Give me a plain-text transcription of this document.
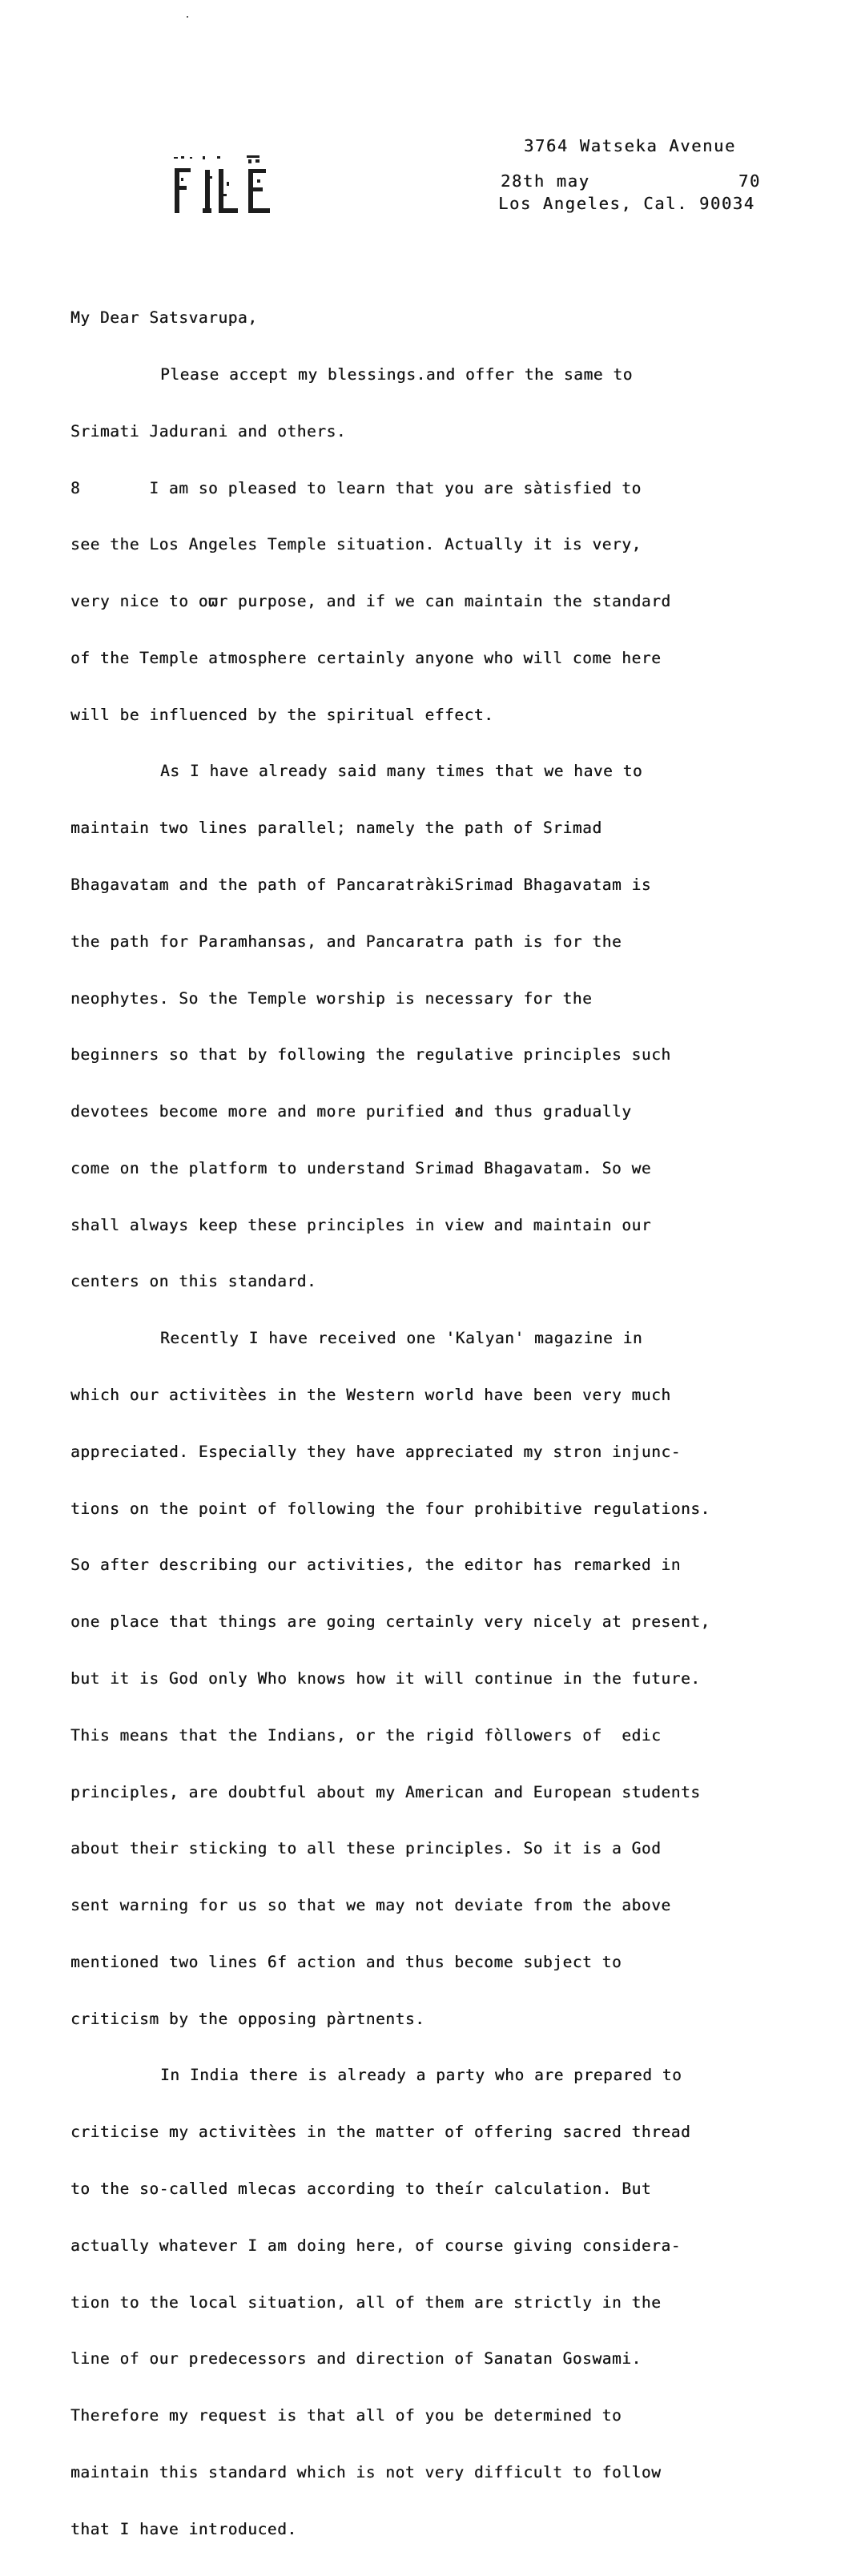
3764 Watseka Avenue

Los Angeles, Cal. 90034

28th may	70

My Dear Satsvarupa,

Please accept my blessings.and offer the same to

Srimati Jadurani and others.

8       I am so pleased to learn that you are sàtisfied to

see the Los Angeles Temple situation. Actually it is very,

very nice to oϖr purpose, and if we can maintain the standard

of the Temple atmosphere certainly anyone who will come here

will be influenced by the spiritual effect.

As I have already said many times that we have to

maintain two lines parallel; namely the path of Srimad

Bhagavatam and the path of PancaratràkiSrimad Bhagavatam is

the path for Paramhansas, and Pancaratra path is for the

neophytes. So the Temple worship is necessary for the

beginners so that by following the regulative principles such

devotees become more and more purified and thus gradually

come on the platform to understand Srimad Bhagavatam. So we

shall always keep these principles in view and maintain our

centers on this standard.

Recently I have received one 'Kalyan' magazine in

which our activitèes in the Western world have been very much

appreciated. Especially they have appreciated my stron injunc-

tions on the point of following the four prohibitive regulations.

So after describing our activities, the editor has remarked in

one place that things are going certainly very nicely at present,

but it is God only Who knows how it will continue in the future.

This means that the Indians, or the rigid fòllowers of  edic

principles, are doubtful about my American and European students

about their sticking to all these principles. So it is a God

sent warning for us so that we may not deviate from the above

mentioned two lines 6f action and thus become subject to

criticism by the opposing pàrtnents.

In India there is already a party who are prepared to

criticise my activitèes in the matter of offering sacred thread

to the so-called mlecas according to theír calculation. But

actually whatever I am doing here, of course giving considera-

tion to the local situation, all of them are strictly in the

line of our predecessors and direction of Sanatan Goswami.

Therefore my request is that all of you be determined to

maintain this standard which is not very difficult to follow

that I have introduced.
